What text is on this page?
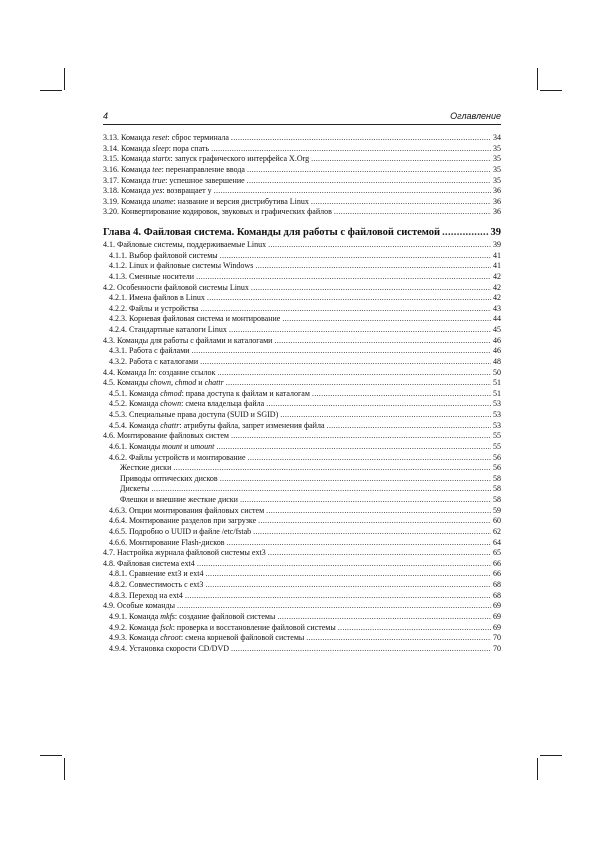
4	Оглавление
3.13. Команда reset: сброс терминала .....	34
3.14. Команда sleep: пора спать .....	35
3.15. Команда startx: запуск графического интерфейса X.Org .....	35
3.16. Команда tee: перенаправление ввода .....	35
3.17. Команда true: успешное завершение .....	35
3.18. Команда yes: возвращает y .....	36
3.19. Команда uname: название и версия дистрибутива Linux .....	36
3.20. Конвертирование кодировок, звуковых и графических файлов .....	36
Глава 4. Файловая система. Команды для работы с файловой системой .....	39
4.1. Файловые системы, поддерживаемые Linux .....	39
4.1.1. Выбор файловой системы .....	41
4.1.2. Linux и файловые системы Windows .....	41
4.1.3. Сменные носители .....	42
4.2. Особенности файловой системы Linux .....	42
4.2.1. Имена файлов в Linux .....	42
4.2.2. Файлы и устройства .....	43
4.2.3. Корневая файловая система и монтирование .....	44
4.2.4. Стандартные каталоги Linux .....	45
4.3. Команды для работы с файлами и каталогами .....	46
4.3.1. Работа с файлами .....	46
4.3.2. Работа с каталогами .....	48
4.4. Команда ln: создание ссылок .....	50
4.5. Команды chown, chmod и chattr .....	51
4.5.1. Команда chmod: права доступа к файлам и каталогам .....	51
4.5.2. Команда chown: смена владельца файла .....	53
4.5.3. Специальные права доступа (SUID и SGID) .....	53
4.5.4. Команда chattr: атрибуты файла, запрет изменения файла .....	53
4.6. Монтирование файловых систем .....	55
4.6.1. Команды mount и umount .....	55
4.6.2. Файлы устройств и монтирование .....	56
Жесткие диски .....	56
Приводы оптических дисков .....	58
Дискеты .....	58
Флешки и внешние жесткие диски .....	58
4.6.3. Опции монтирования файловых систем .....	59
4.6.4. Монтирование разделов при загрузке .....	60
4.6.5. Подробно о UUID и файле /etc/fstab .....	62
4.6.6. Монтирование Flash-дисков .....	64
4.7. Настройка журнала файловой системы ext3 .....	65
4.8. Файловая система ext4 .....	66
4.8.1. Сравнение ext3 и ext4 .....	66
4.8.2. Совместимость с ext3 .....	68
4.8.3. Переход на ext4 .....	68
4.9. Особые команды .....	69
4.9.1. Команда mkfs: создание файловой системы .....	69
4.9.2. Команда fsck: проверка и восстановление файловой системы .....	69
4.9.3. Команда chroot: смена корневой файловой системы .....	70
4.9.4. Установка скорости CD/DVD .....	70
